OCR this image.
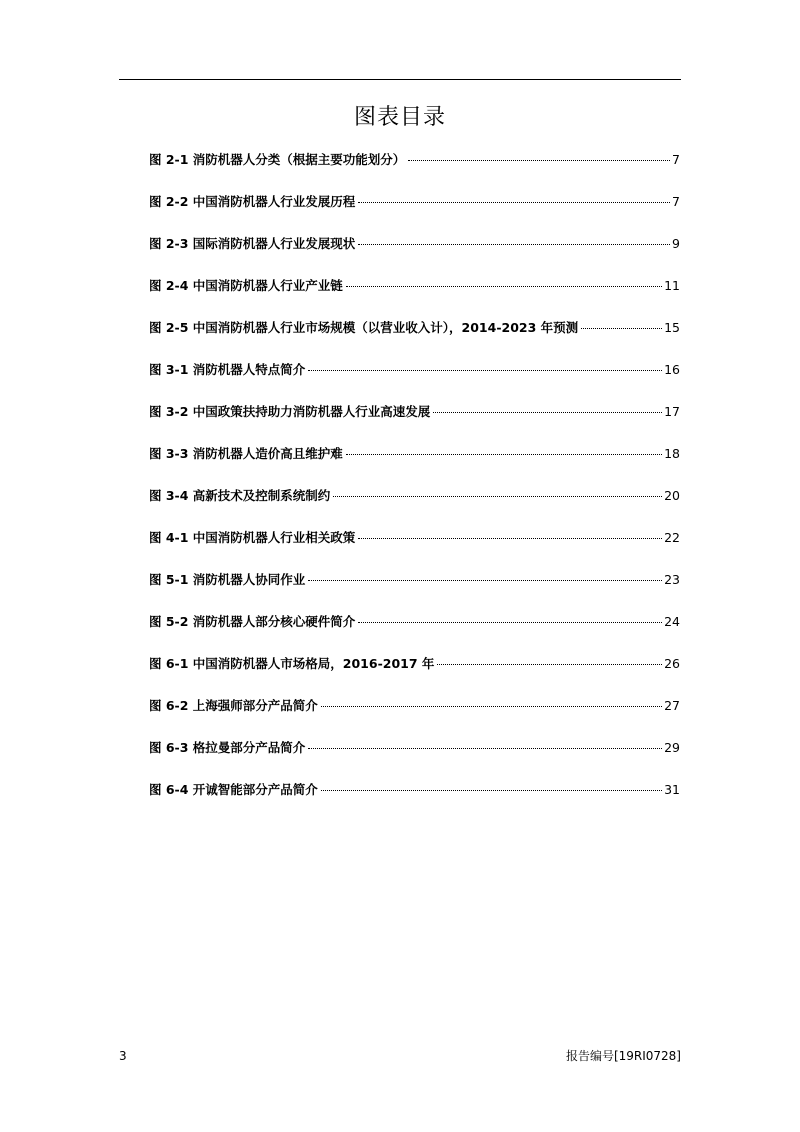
图表目录
图 2-1 消防机器人分类（根据主要功能划分）	7
图 2-2 中国消防机器人行业发展历程	7
图 2-3 国际消防机器人行业发展现状	9
图 2-4 中国消防机器人行业产业链	11
图 2-5 中国消防机器人行业市场规模（以营业收入计），2014-2023 年预测	15
图 3-1 消防机器人特点简介	16
图 3-2 中国政策扶持助力消防机器人行业高速发展	17
图 3-3 消防机器人造价高且维护难	18
图 3-4 高新技术及控制系统制约	20
图 4-1 中国消防机器人行业相关政策	22
图 5-1 消防机器人协同作业	23
图 5-2 消防机器人部分核心硬件简介	24
图 6-1 中国消防机器人市场格局，2016-2017 年	26
图 6-2 上海强师部分产品简介	27
图 6-3 格拉曼部分产品简介	29
图 6-4 开诚智能部分产品简介	31
3	报告编号[19RI0728]
